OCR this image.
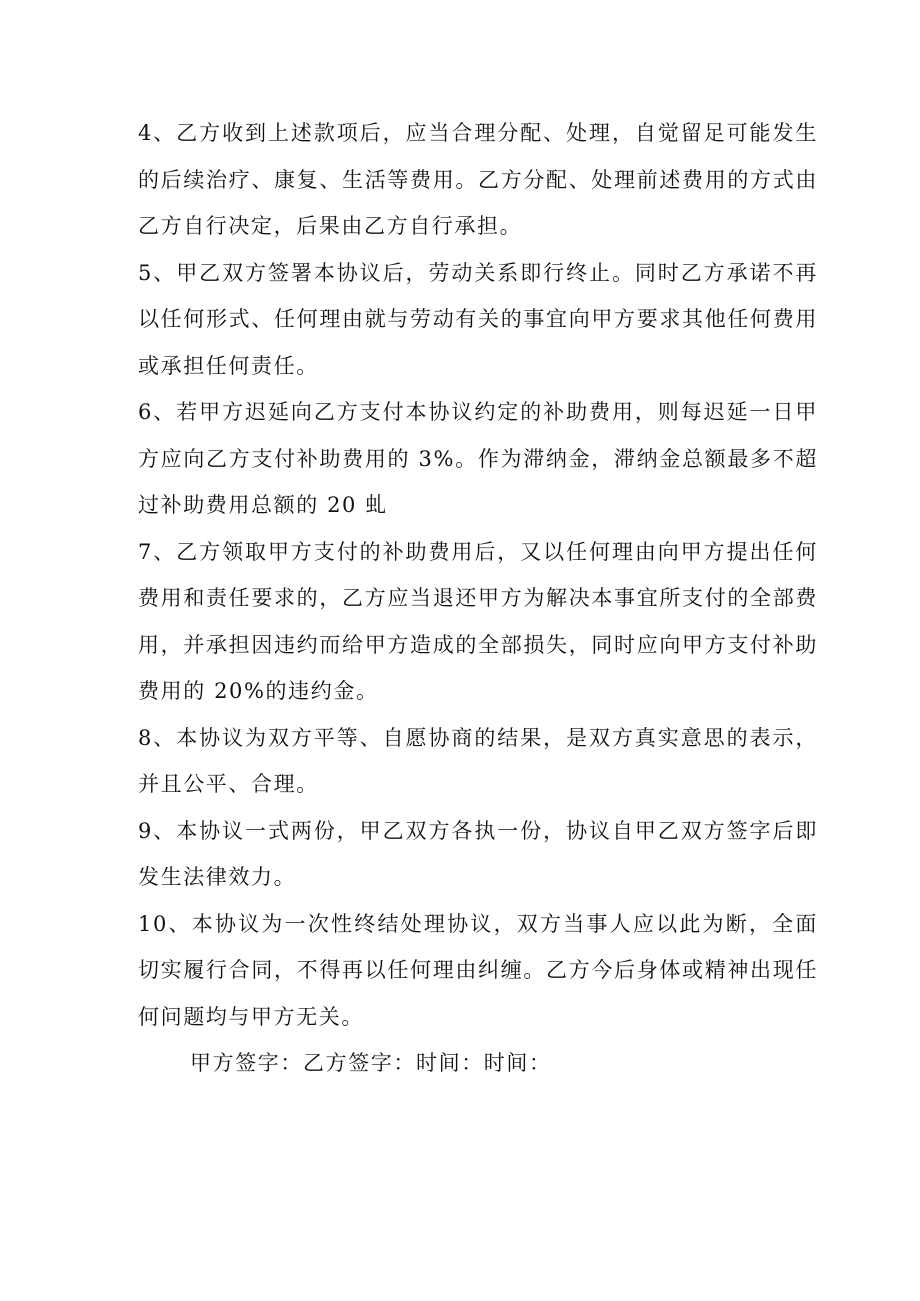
4、乙方收到上述款项后，应当合理分配、处理，自觉留足可能发生的后续治疗、康复、生活等费用。乙方分配、处理前述费用的方式由乙方自行决定，后果由乙方自行承担。

5、甲乙双方签署本协议后，劳动关系即行终止。同时乙方承诺不再以任何形式、任何理由就与劳动有关的事宜向甲方要求其他任何费用或承担任何责任。

6、若甲方迟延向乙方支付本协议约定的补助费用，则每迟延一日甲方应向乙方支付补助费用的 3%。作为滞纳金，滞纳金总额最多不超过补助费用总额的 20 虬

7、乙方领取甲方支付的补助费用后，又以任何理由向甲方提出任何费用和责任要求的，乙方应当退还甲方为解决本事宜所支付的全部费用，并承担因违约而给甲方造成的全部损失，同时应向甲方支付补助费用的 20%的违约金。

8、本协议为双方平等、自愿协商的结果，是双方真实意思的表示，并且公平、合理。

9、本协议一式两份，甲乙双方各执一份，协议自甲乙双方签字后即发生法律效力。

10、本协议为一次性终结处理协议，双方当事人应以此为断，全面切实履行合同，不得再以任何理由纠缠。乙方今后身体或精神出现任何问题均与甲方无关。

甲方签字：乙方签字：时间：时间：
